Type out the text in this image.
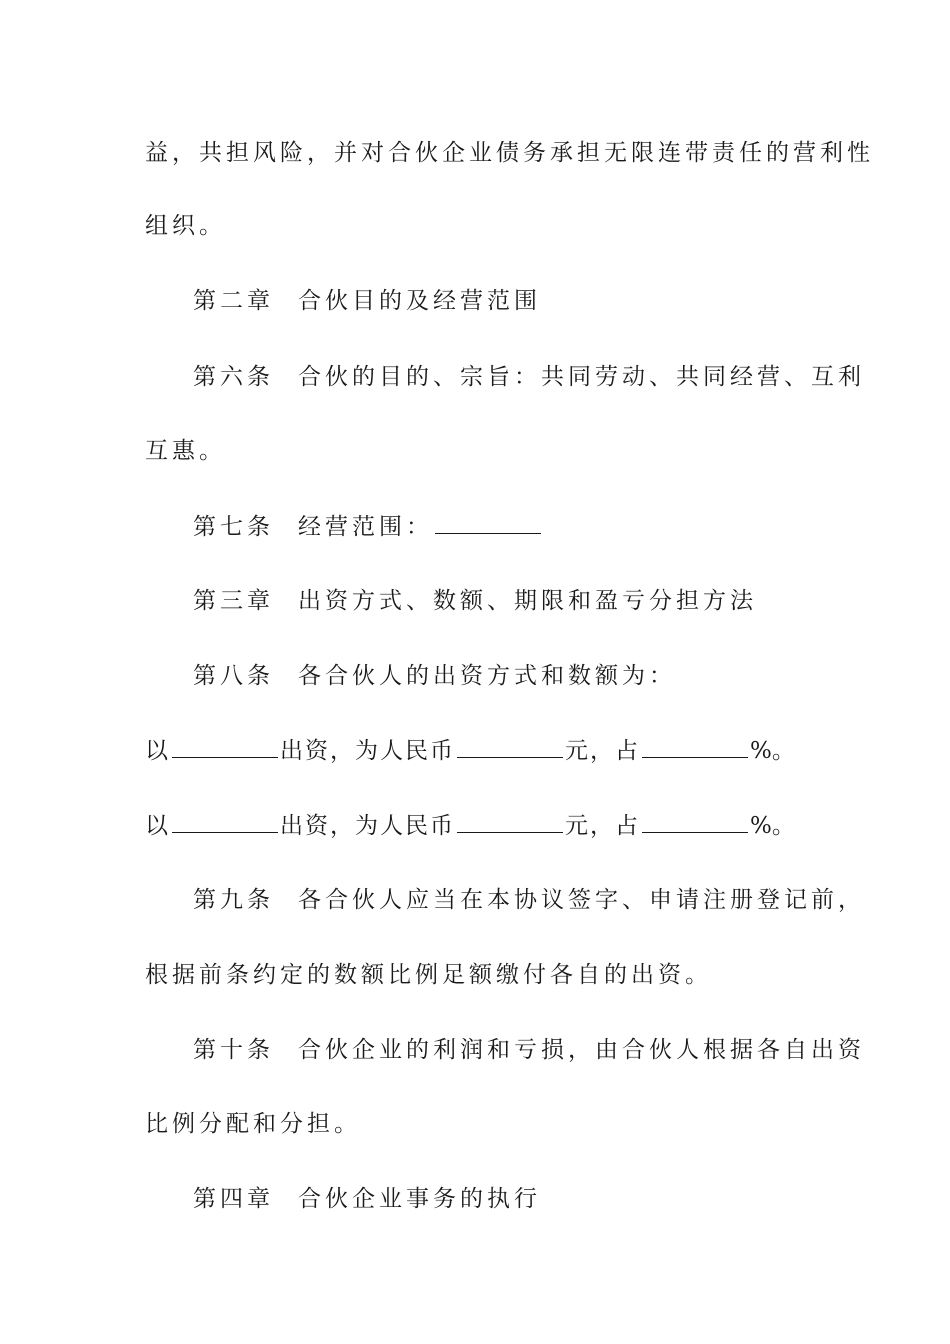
益，共担风险，并对合伙企业债务承担无限连带责任的营利性
组织。
第二章 合伙目的及经营范围
第六条 合伙的目的、宗旨：共同劳动、共同经营、互利
互惠。
第七条 经营范围：
第三章 出资方式、数额、期限和盈亏分担方法
第八条 各合伙人的出资方式和数额为：
以	出资，为人民币	元，占	%。
以	出资，为人民币	元，占	%。
第九条 各合伙人应当在本协议签字、申请注册登记前，
根据前条约定的数额比例足额缴付各自的出资。
第十条 合伙企业的利润和亏损，由合伙人根据各自出资
比例分配和分担。
第四章 合伙企业事务的执行
